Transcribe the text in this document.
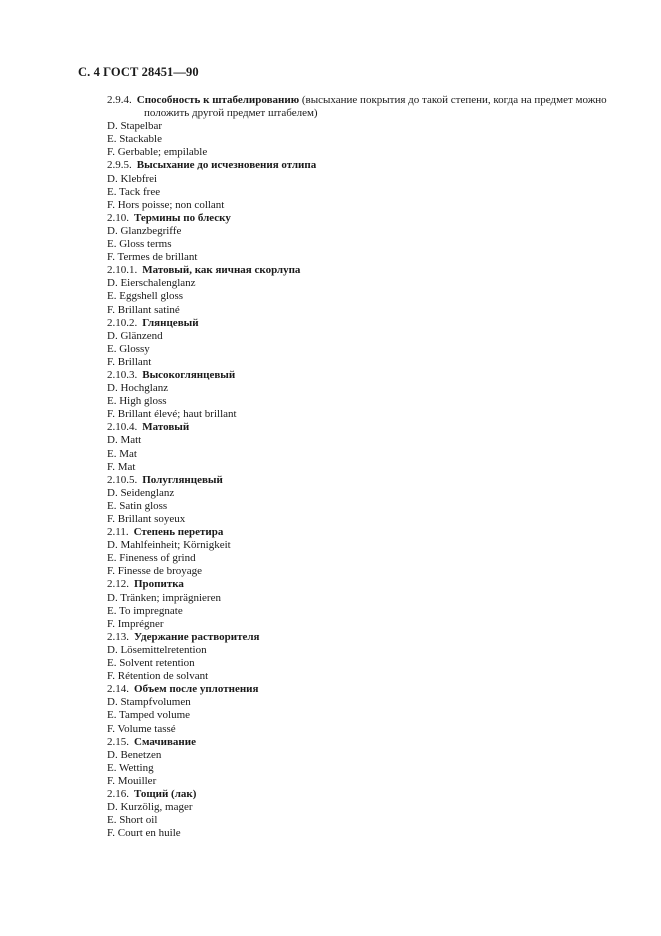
С. 4 ГОСТ 28451—90

2.9.4. Способность к штабелированию (высыхание покрытия до такой степени, когда на предмет можно положить другой предмет штабелем)

D. Stapelbar

E. Stackable

F. Gerbable; empilable

2.9.5. Высыхание до исчезновения отлипа

D. Klebfrei

E. Tack free

F. Hors poisse; non collant

2.10. Термины по блеску

D. Glanzbegriffe

E. Gloss terms

F. Termes de brillant

2.10.1. Матовый, как яичная скорлупа

D. Eierschalenglanz

E. Eggshell gloss

F. Brillant satiné

2.10.2. Глянцевый

D. Glänzend

E. Glossy

F. Brillant

2.10.3. Высокоглянцевый

D. Hochglanz

E. High gloss

F. Brillant élevé; haut brillant

2.10.4. Матовый

D. Matt

E. Mat

F. Mat

2.10.5. Полуглянцевый

D. Seidenglanz

E. Satin gloss

F. Brillant soyeux

2.11. Степень перетира

D. Mahlfeinheit; Körnigkeit

E. Fineness of grind

F. Finesse de broyage

2.12. Пропитка

D. Tränken; imprägnieren

E. To impregnate

F. Imprégner

2.13. Удержание растворителя

D. Lösemittelretention

E. Solvent retention

F. Rétention de solvant

2.14. Объем после уплотнения

D. Stampfvolumen

E. Tamped volume

F. Volume tassé

2.15. Смачивание

D. Benetzen

E. Wetting

F. Mouiller

2.16. Тощий (лак)

D. Kurzölig, mager

E. Short oil

F. Court en huile
